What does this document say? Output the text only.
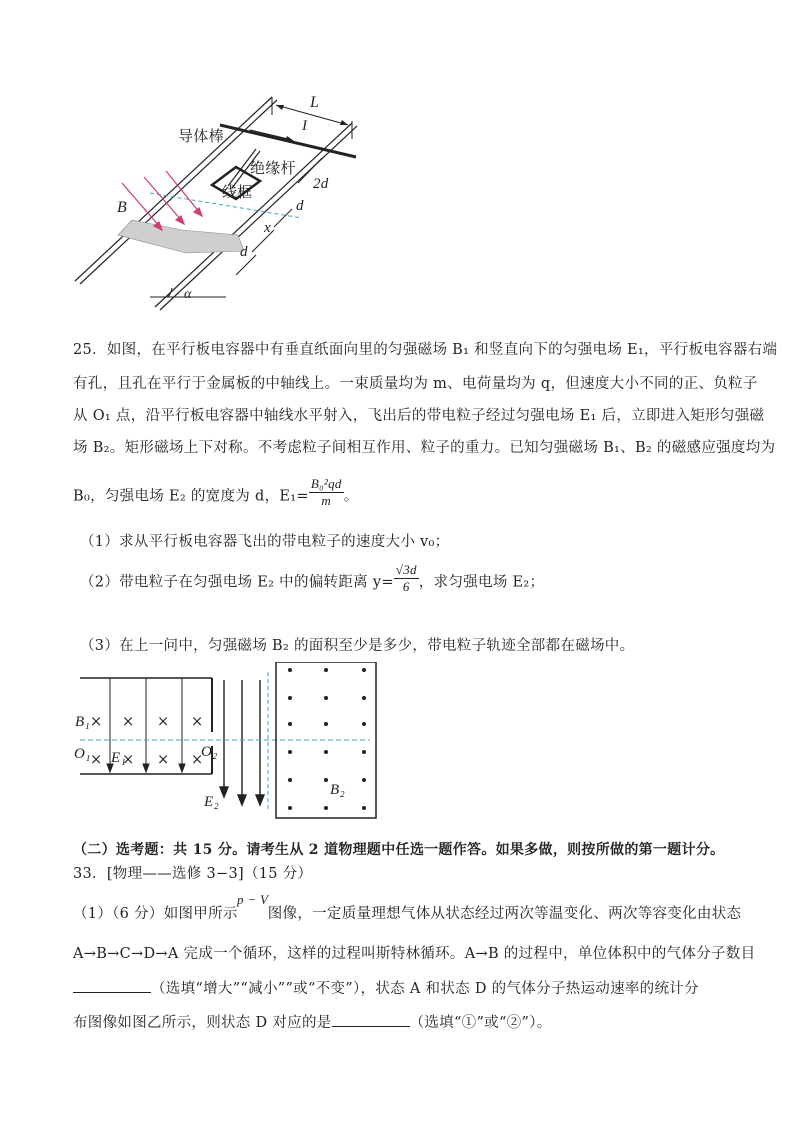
导体棒
L
I
绝缘杆
线框	2d
d
x
d
B
α
25．如图，在平行板电容器中有垂直纸面向里的匀强磁场 B₁ 和竖直向下的匀强电场 E₁，平行板电容器右端
有孔，且孔在平行于金属板的中轴线上。一束质量均为 m、电荷量均为 q，但速度大小不同的正、负粒子
从 O₁ 点，沿平行板电容器中轴线水平射入，飞出后的带电粒子经过匀强电场 E₁ 后，立即进入矩形匀强磁
场 B₂。矩形磁场上下对称。不考虑粒子间相互作用、粒子的重力。已知匀强磁场 B₁、B₂ 的磁感应强度均为
B₀，匀强电场 E₂ 的宽度为 d，$E_1= \frac{\text{B₀²qd}}{m}$ 。
（1）求从平行板电容器飞出的带电粒子的速度大小 v₀；
（2）带电粒子在匀强电场 E₂ 中的偏转距离 $y= \frac{√3d}{6}$ ，求匀强电场 E₂；
（3）在上一问中，匀强磁场 B₂ 的面积至少是多少，带电粒子轨迹全部都在磁场中。
× × × ×
× × × ×
B₁
O₁ E₁	O₂
E₂
B₂
（二）选考题：共 15 分。请考生从 2 道物理题中任选一题作答。如果多做，则按所做的第一题计分。
33．[物理——选修 3−3]（15 分）
p − V
（1）（6 分）如图甲所示 图像，一定质量理想气体从状态经过两次等温变化、两次等容变化由状态
A→B→C→D→A 完成一个循环，这样的过程叫斯特林循环。A→B 的过程中，单位体积中的气体分子数目
（选填“增大”“减小””或“不变”），状态 A 和状态 D 的气体分子热运动速率的统计分
布图像如图乙所示，则状态 D 对应的是	（选填“①”或“②”）。
